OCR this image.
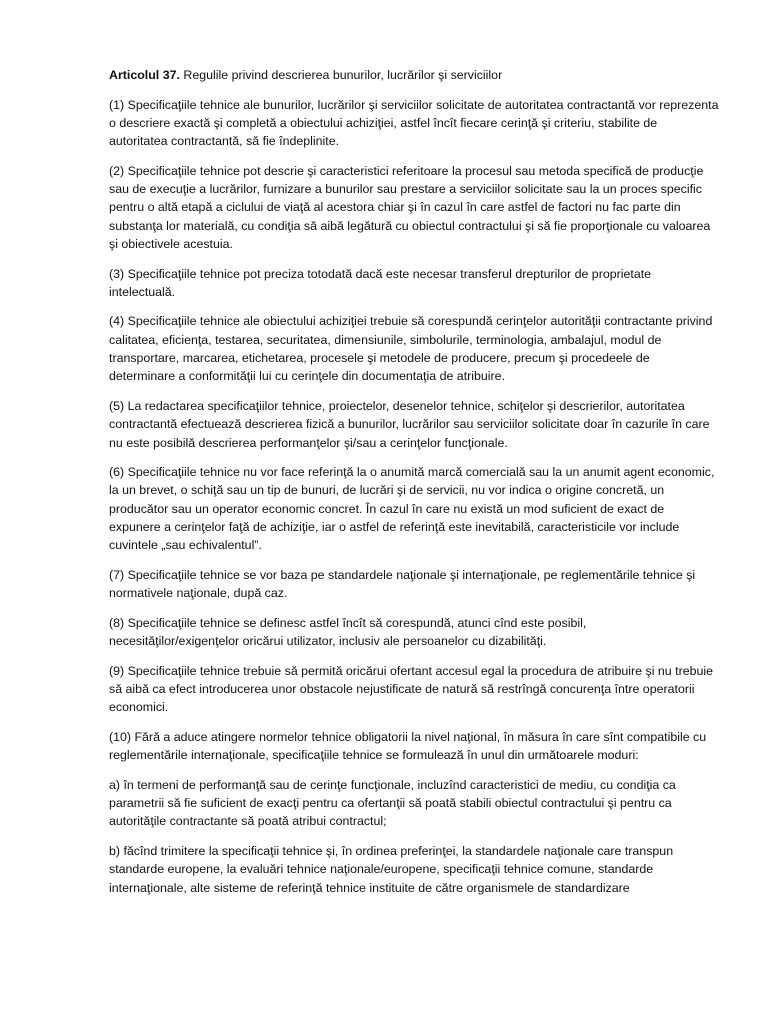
Articolul 37. Regulile privind descrierea bunurilor, lucrărilor şi serviciilor

(1) Specificaţiile tehnice ale bunurilor, lucrărilor şi serviciilor solicitate de autoritatea contractantă vor reprezenta o descriere exactă şi completă a obiectului achiziţiei, astfel încît fiecare cerinţă şi criteriu, stabilite de autoritatea contractantă, să fie îndeplinite.

(2) Specificaţiile tehnice pot descrie şi caracteristici referitoare la procesul sau metoda specifică de producţie sau de execuţie a lucrărilor, furnizare a bunurilor sau prestare a serviciilor solicitate sau la un proces specific pentru o altă etapă a ciclului de viaţă al acestora chiar şi în cazul în care astfel de factori nu fac parte din substanţa lor materială, cu condiţia să aibă legătură cu obiectul contractului şi să fie proporţionale cu valoarea şi obiectivele acestuia.

(3) Specificaţiile tehnice pot preciza totodată dacă este necesar transferul drepturilor de proprietate intelectuală.

(4) Specificaţiile tehnice ale obiectului achiziţiei trebuie să corespundă cerinţelor autorităţii contractante privind calitatea, eficienţa, testarea, securitatea, dimensiunile, simbolurile, terminologia, ambalajul, modul de transportare, marcarea, etichetarea, procesele şi metodele de producere, precum şi procedeele de determinare a conformităţii lui cu cerinţele din documentaţia de atribuire.

(5) La redactarea specificaţiilor tehnice, proiectelor, desenelor tehnice, schiţelor şi descrierilor, autoritatea contractantă efectuează descrierea fizică a bunurilor, lucrărilor sau serviciilor solicitate doar în cazurile în care nu este posibilă descrierea performanţelor şi/sau a cerinţelor funcţionale.

(6) Specificaţiile tehnice nu vor face referinţă la o anumită marcă comercială sau la un anumit agent economic, la un brevet, o schiţă sau un tip de bunuri, de lucrări şi de servicii, nu vor indica o origine concretă, un producător sau un operator economic concret. În cazul în care nu există un mod suficient de exact de expunere a cerinţelor faţă de achiziţie, iar o astfel de referinţă este inevitabilă, caracteristicile vor include cuvintele „sau echivalentul”.

(7) Specificaţiile tehnice se vor baza pe standardele naţionale şi internaţionale, pe reglementările tehnice şi normativele naţionale, după caz.

(8) Specificaţiile tehnice se definesc astfel încît să corespundă, atunci cînd este posibil, necesităţilor/exigenţelor oricărui utilizator, inclusiv ale persoanelor cu dizabilităţi.

(9) Specificaţiile tehnice trebuie să permită oricărui ofertant accesul egal la procedura de atribuire şi nu trebuie să aibă ca efect introducerea unor obstacole nejustificate de natură să restrîngă concurenţa între operatorii economici.

(10) Fără a aduce atingere normelor tehnice obligatorii la nivel naţional, în măsura în care sînt compatibile cu reglementările internaţionale, specificaţiile tehnice se formulează în unul din următoarele moduri:

a) în termeni de performanţă sau de cerinţe funcţionale, incluzînd caracteristici de mediu, cu condiţia ca parametrii să fie suficient de exacţi pentru ca ofertanţii să poată stabili obiectul contractului şi pentru ca autorităţile contractante să poată atribui contractul;

b) făcînd trimitere la specificaţii tehnice şi, în ordinea preferinţei, la standardele naţionale care transpun standarde europene, la evaluări tehnice naţionale/europene, specificaţii tehnice comune, standarde internaţionale, alte sisteme de referinţă tehnice instituite de către organismele de standardizare
